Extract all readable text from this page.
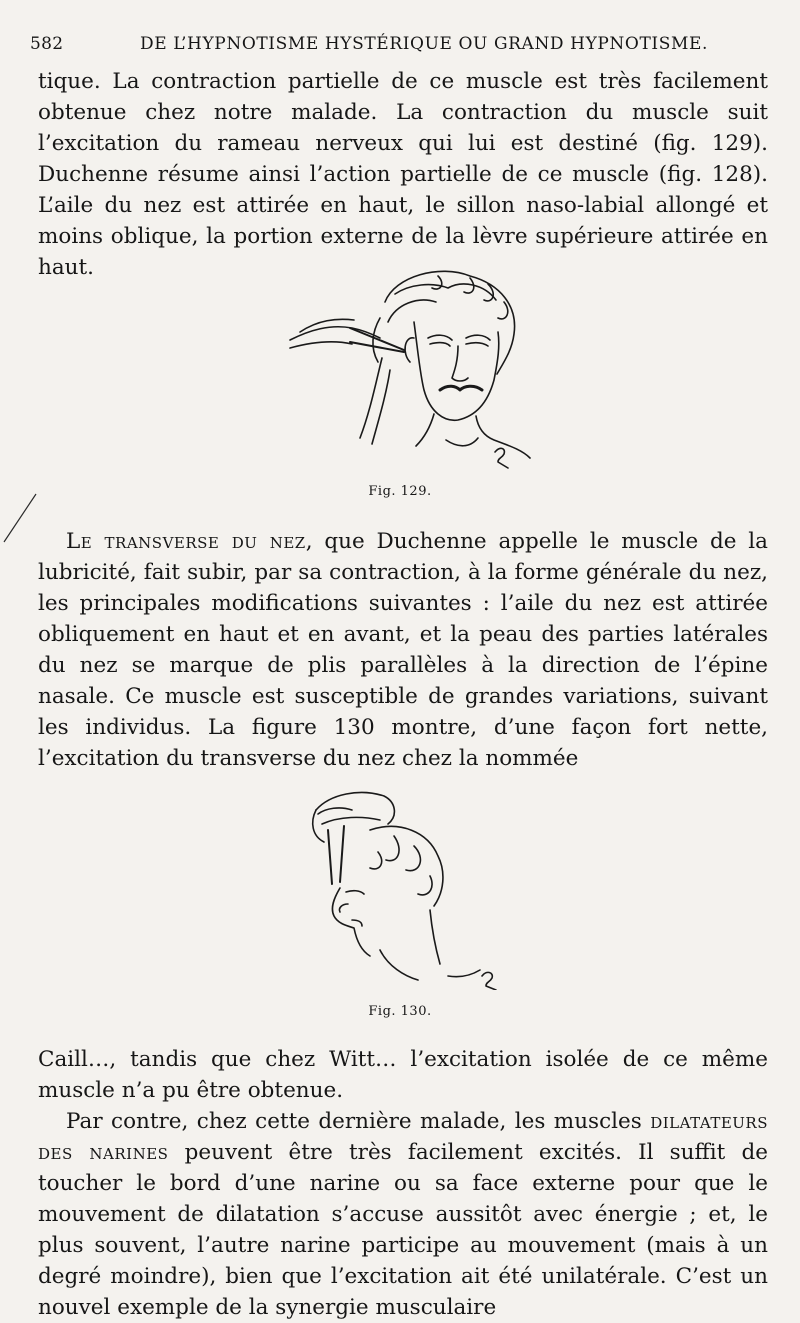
582	DE L’HYPNOTISME HYSTÉRIQUE OU GRAND HYPNOTISME.

tique. La contraction partielle de ce muscle est très facilement obtenue chez notre malade. La contraction du muscle suit l’excitation du rameau nerveux qui lui est destiné (fig. 129). Duchenne résume ainsi l’action partielle de ce muscle (fig. 128). L’aile du nez est attirée en haut, le sillon naso-labial allongé et moins oblique, la portion externe de la lèvre supérieure attirée en haut.

Fig. 129.

Le transverse du nez, que Duchenne appelle le muscle de la lubricité, fait subir, par sa contraction, à la forme générale du nez, les principales modifications suivantes : l’aile du nez est attirée obliquement en haut et en avant, et la peau des parties latérales du nez se marque de plis parallèles à la direction de l’épine nasale. Ce muscle est susceptible de grandes variations, suivant les individus. La figure 130 montre, d’une façon fort nette, l’excitation du transverse du nez chez la nommée

Fig. 130.

Caill…, tandis que chez Witt… l’excitation isolée de ce même muscle n’a pu être obtenue.

Par contre, chez cette dernière malade, les muscles dilatateurs des narines peuvent être très facilement excités. Il suffit de toucher le bord d’une narine ou sa face externe pour que le mouvement de dilatation s’accuse aussitôt avec énergie ; et, le plus souvent, l’autre narine participe au mouvement (mais à un degré moindre), bien que l’excitation ait été unilatérale. C’est un nouvel exemple de la synergie musculaire
